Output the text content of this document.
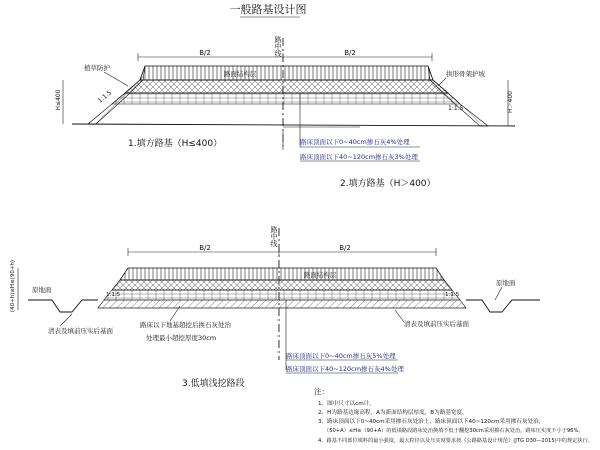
一般路基设计图
路中线
B/2	B/2
路面结构层
植草防护
1:1.5
H≤400
拱形骨架护坡
1:1.5	H＞400
路床顶面以下0~40cm掺石灰4%处理
路床顶面以下40~120cm掺石灰3%处理
1.填方路基（H≤400）
2.填方路基（H＞400）
路中线
B/2	B/2
路面结构层
原地面
原地面
(40+h)≤H≤(90+h)	1:1.5	1:1.5
清表及填前压实后基面
清表及填前压实后基面
路床以下地基超挖后换石灰处治
处理最小超挖厚度30cm
路床顶面以下0~40cm掺石灰5%处理
路床顶面以下40~120cm掺石灰4%处理
3.低填浅挖路段
注：
1、图中尺寸以cm计。
2、H为路基边缘高程，A为新面结构层厚度，B为路基宽度。
3、路床顶面以下0~40cm采用掺石灰处治土，路床顶面以下40~120cm采用掺石灰处治，
（50+A）≤H≤（90+A）的低填路段路床处治换填不低于翻挖30cm采用掺石灰处治，路床压实度不小于96%。
4、路基不同部位填料的最小强度，最大粒径以及压实度要求按《公路路基设计规范》(JTG D30—2015)中的规定执行。
